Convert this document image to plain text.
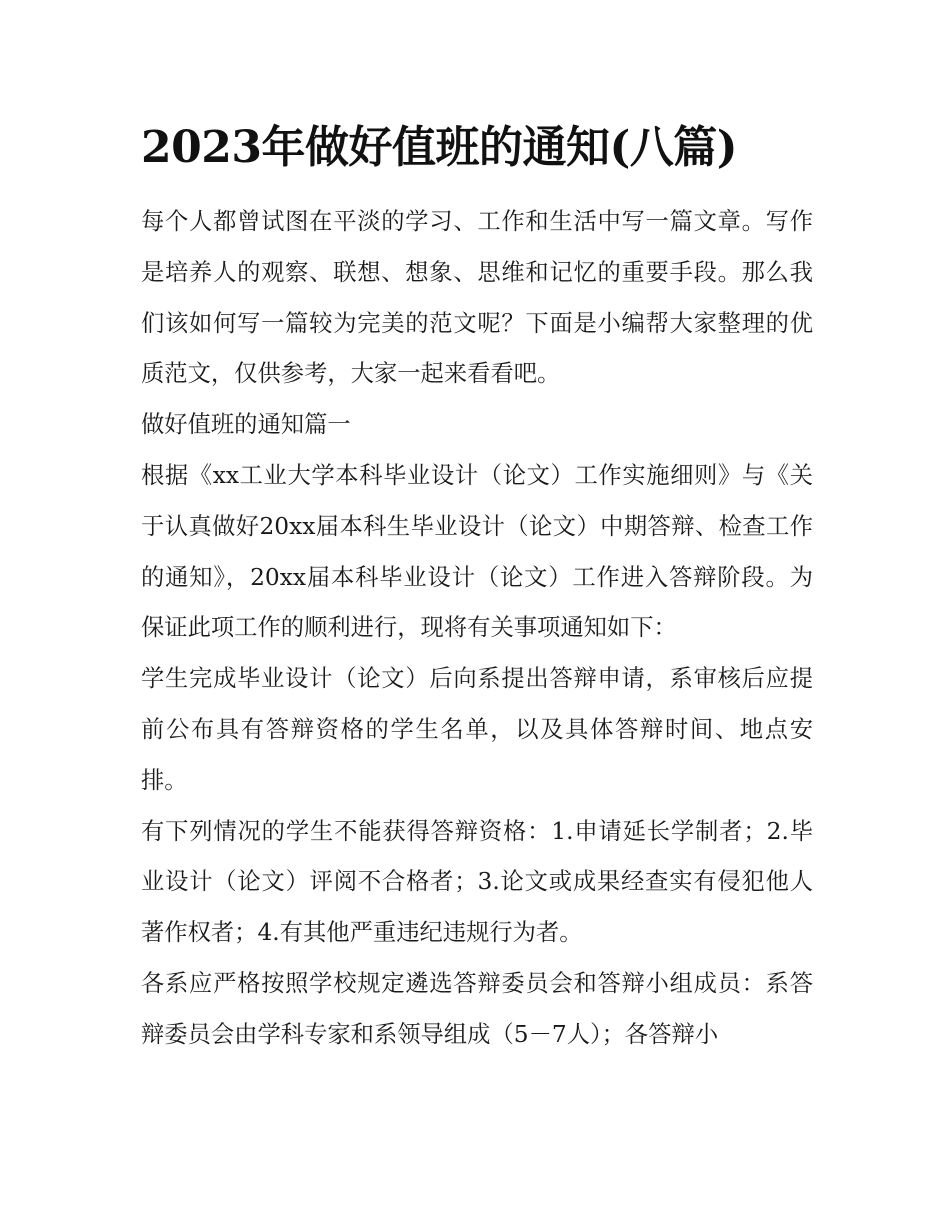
2023年做好值班的通知(八篇)

每个人都曾试图在平淡的学习、工作和生活中写一篇文章。写作是培养人的观察、联想、想象、思维和记忆的重要手段。那么我们该如何写一篇较为完美的范文呢？下面是小编帮大家整理的优质范文，仅供参考，大家一起来看看吧。

做好值班的通知篇一

根据《xx工业大学本科毕业设计（论文）工作实施细则》与《关于认真做好20xx届本科生毕业设计（论文）中期答辩、检查工作的通知》，20xx届本科毕业设计（论文）工作进入答辩阶段。为保证此项工作的顺利进行，现将有关事项通知如下：

学生完成毕业设计（论文）后向系提出答辩申请，系审核后应提前公布具有答辩资格的学生名单，以及具体答辩时间、地点安排。

有下列情况的学生不能获得答辩资格：1.申请延长学制者；2.毕业设计（论文）评阅不合格者；3.论文或成果经查实有侵犯他人著作权者；4.有其他严重违纪违规行为者。

各系应严格按照学校规定遴选答辩委员会和答辩小组成员：系答辩委员会由学科专家和系领导组成（5－7人）；各答辩小
